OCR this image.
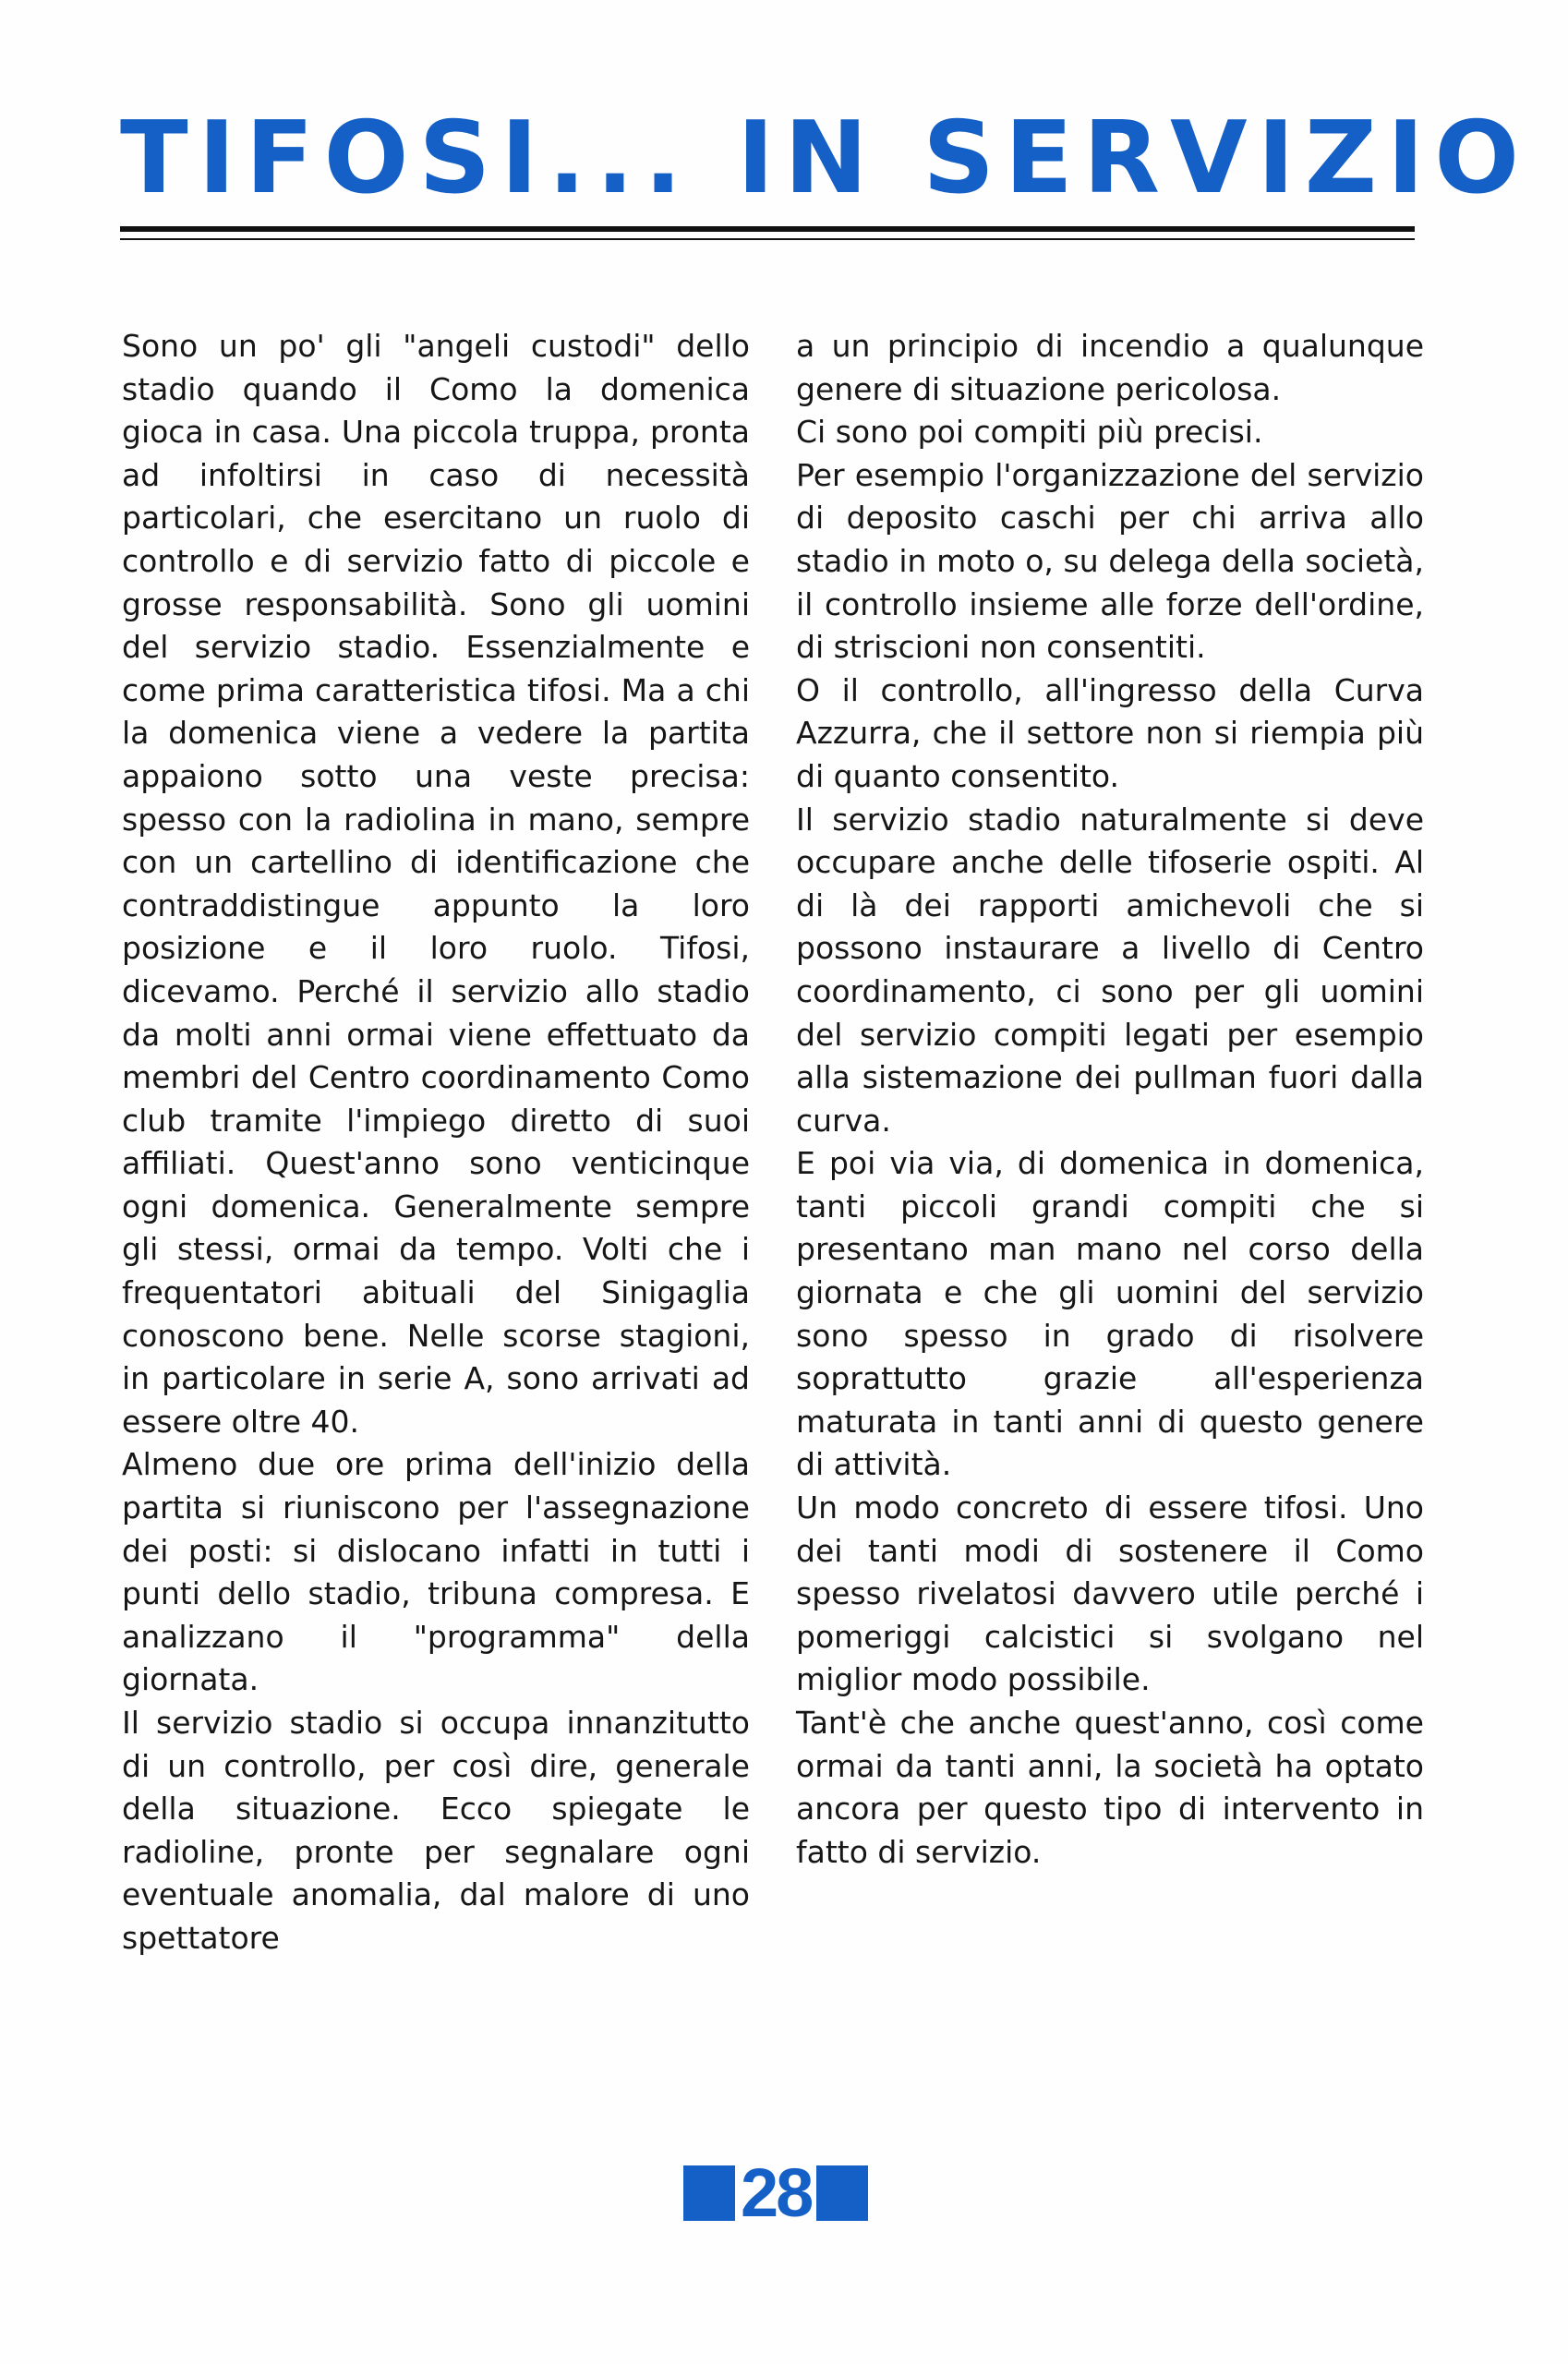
TIFOSI... IN SERVIZIO

Sono un po' gli "angeli custodi" dello stadio quando il Como la domenica gioca in casa. Una piccola truppa, pronta ad infoltirsi in caso di necessità particolari, che esercitano un ruolo di controllo e di servizio fatto di piccole e grosse responsabilità. Sono gli uomini del servizio stadio. Essenzialmente e come prima caratteristica tifosi. Ma a chi la domenica viene a vedere la partita appaiono sotto una veste precisa: spesso con la radiolina in mano, sempre con un cartellino di identificazione che contraddistingue appunto la loro posizione e il loro ruolo. Tifosi, dicevamo. Perché il servizio allo stadio da molti anni ormai viene effettuato da membri del Centro coordinamento Como club tramite l'impiego diretto di suoi affiliati. Quest'anno sono venticinque ogni domenica. Generalmente sempre gli stessi, ormai da tempo. Volti che i frequentatori abituali del Sinigaglia conoscono bene. Nelle scorse stagioni, in particolare in serie A, sono arrivati ad essere oltre 40.

Almeno due ore prima dell'inizio della partita si riuniscono per l'assegnazione dei posti: si dislocano infatti in tutti i punti dello stadio, tribuna compresa. E analizzano il "programma" della giornata.

Il servizio stadio si occupa innanzitutto di un controllo, per così dire, generale della situazione. Ecco spiegate le radioline, pronte per segnalare ogni eventuale anomalia, dal malore di uno spettatore

a un principio di incendio a qualunque genere di situazione pericolosa.

Ci sono poi compiti più precisi.

Per esempio l'organizzazione del servizio di deposito caschi per chi arriva allo stadio in moto o, su delega della società, il controllo insieme alle forze dell'ordine, di striscioni non consentiti.

O il controllo, all'ingresso della Curva Azzurra, che il settore non si riempia più di quanto consentito.

Il servizio stadio naturalmente si deve occupare anche delle tifoserie ospiti. Al di là dei rapporti amichevoli che si possono instaurare a livello di Centro coordinamento, ci sono per gli uomini del servizio compiti legati per esempio alla sistemazione dei pullman fuori dalla curva.

E poi via via, di domenica in domenica, tanti piccoli grandi compiti che si presentano man mano nel corso della giornata e che gli uomini del servizio sono spesso in grado di risolvere soprattutto grazie all'esperienza maturata in tanti anni di questo genere di attività.

Un modo concreto di essere tifosi. Uno dei tanti modi di sostenere il Como spesso rivelatosi davvero utile perché i pomeriggi calcistici si svolgano nel miglior modo possibile.

Tant'è che anche quest'anno, così come ormai da tanti anni, la società ha optato ancora per questo tipo di intervento in fatto di servizio.

28
